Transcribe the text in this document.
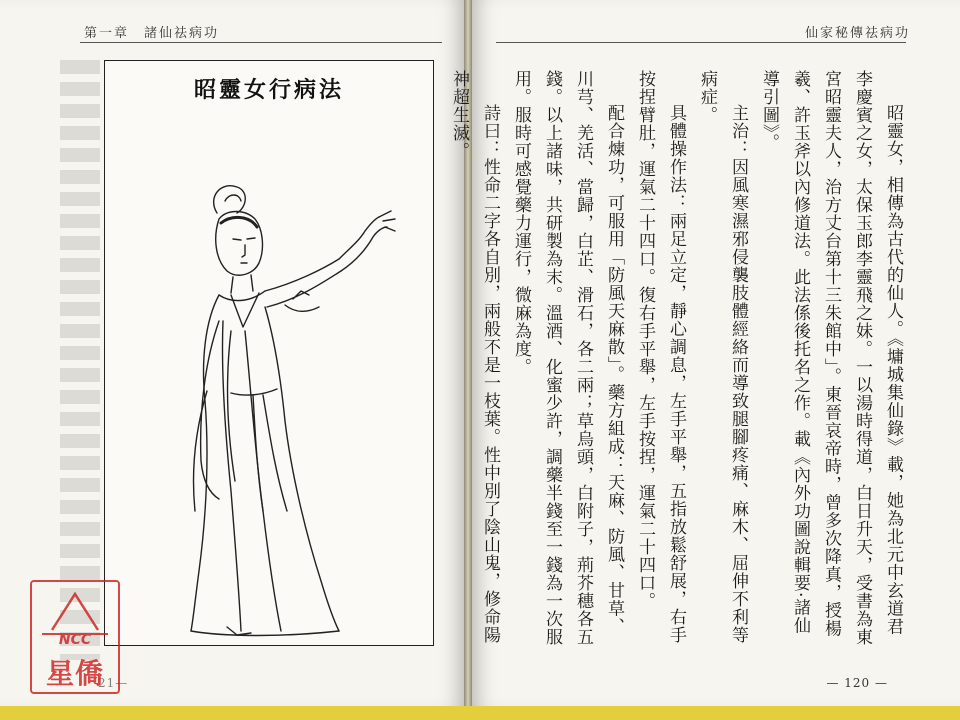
第一章　諸仙祛病功
昭靈女行病法
21—
仙家秘傳祛病功

昭靈女，相傳為古代的仙人。《墉城集仙錄》載，她為北元中玄道君李慶賓之女，太保玉郎李靈飛之妹。一以湯時得道，白日升天，受書為東宮昭靈夫人，治方丈台第十三朱館中」。東晉哀帝時，曾多次降真，授楊羲、許玉斧以內修道法。此法係後托名之作。載《內外功圖說輯要·諸仙導引圖》。

主治：因風寒濕邪侵襲肢體經絡而導致腿腳疼痛、麻木、屈伸不利等病症。

具體操作法：兩足立定，靜心調息，左手平舉，五指放鬆舒展，右手按捏臂肚，運氣二十四口。復右手平舉，左手按捏，運氣二十四口。

配合煉功，可服用「防風天麻散」。藥方組成：天麻、防風、甘草、川芎、羌活、當歸，白芷、滑石，各二兩；草烏頭，白附子，荊芥穗各五錢。以上諸味，共研製為末。溫酒、化蜜少許，調藥半錢至一錢為一次服用。服時可感覺藥力運行，微麻為度。

詩曰：性命二字各自別，兩般不是一枝葉。性中別了陰山鬼，修命陽神超生滅。

— 120 —
NCC
星僑
